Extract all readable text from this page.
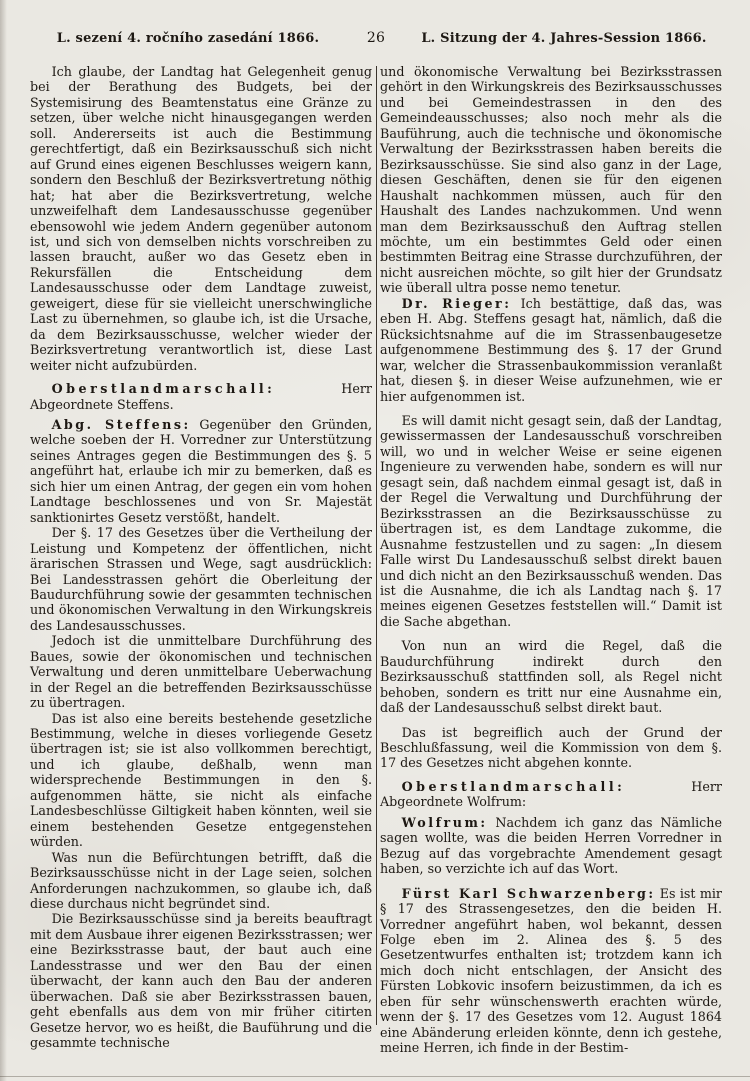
L. sezení 4. ročního zasedání 1866.	26	L. Sitzung der 4. Jahres-Session 1866.

Ich glaube, der Landtag hat Gelegenheit genug bei der Berathung des Budgets, bei der Systemisirung des Beamtenstatus eine Gränze zu setzen, über welche nicht hinausgegangen werden soll. Andererseits ist auch die Bestimmung gerechtfertigt, daß ein Bezirksausschuß sich nicht auf Grund eines eigenen Beschlusses weigern kann, sondern den Beschluß der Bezirksvertretung nöthig hat; hat aber die Bezirksvertretung, welche unzweifelhaft dem Landesausschusse gegenüber ebensowohl wie jedem Andern gegenüber autonom ist, und sich von demselben nichts vorschreiben zu lassen braucht, außer wo das Gesetz eben in Rekursfällen die Entscheidung dem Landesausschusse oder dem Landtage zuweist, geweigert, diese für sie vielleicht unerschwingliche Last zu übernehmen, so glaube ich, ist die Ursache, da dem Bezirksausschusse, welcher wieder der Bezirksvertretung verantwortlich ist, diese Last weiter nicht aufzubürden.

Oberstlandmarschall:	Herr Abgeordnete Steffens.

Abg. Steffens: Gegenüber den Gründen, welche soeben der H. Vorredner zur Unterstützung seines Antrages gegen die Bestimmungen des §. 5 angeführt hat, erlaube ich mir zu bemerken, daß es sich hier um einen Antrag, der gegen ein vom hohen Landtage beschlossenes und von Sr. Majestät sanktionirtes Gesetz verstößt, handelt.

Der §. 17 des Gesetzes über die Vertheilung der Leistung und Kompetenz der öffentlichen, nicht ärarischen Strassen und Wege, sagt ausdrücklich: Bei Landesstrassen gehört die Oberleitung der Baudurchführung sowie der gesammten technischen und ökonomischen Verwaltung in den Wirkungskreis des Landesausschusses.

Jedoch ist die unmittelbare Durchführung des Baues, sowie der ökonomischen und technischen Verwaltung und deren unmittelbare Ueberwachung in der Regel an die betreffenden Bezirksausschüsse zu übertragen.

Das ist also eine bereits bestehende gesetzliche Bestimmung, welche in dieses vorliegende Gesetz übertragen ist; sie ist also vollkommen berechtigt, und ich glaube, deßhalb, wenn man widersprechende Bestimmungen in den §. aufgenommen hätte, sie nicht als einfache Landesbeschlüsse Giltigkeit haben könnten, weil sie einem bestehenden Gesetze entgegenstehen würden.

Was nun die Befürchtungen betrifft, daß die Bezirksausschüsse nicht in der Lage seien, solchen Anforderungen nachzukommen, so glaube ich, daß diese durchaus nicht begründet sind.

Die Bezirksausschüsse sind ja bereits beauftragt mit dem Ausbaue ihrer eigenen Bezirksstrassen; wer eine Bezirksstrasse baut, der baut auch eine Landesstrasse und wer den Bau der einen überwacht, der kann auch den Bau der anderen überwachen. Daß sie aber Bezirksstrassen bauen, geht ebenfalls aus dem von mir früher citirten Gesetze hervor, wo es heißt, die Bauführung und die gesammte technische

und ökonomische Verwaltung bei Bezirksstrassen gehört in den Wirkungskreis des Bezirksausschusses und bei Gemeindestrassen in den des Gemeindeausschusses; also noch mehr als die Bauführung, auch die technische und ökonomische Verwaltung der Bezirksstrassen haben bereits die Bezirksausschüsse. Sie sind also ganz in der Lage, diesen Geschäften, denen sie für den eigenen Haushalt nachkommen müssen, auch für den Haushalt des Landes nachzukommen. Und wenn man dem Bezirksausschuß den Auftrag stellen möchte, um ein bestimmtes Geld oder einen bestimmten Beitrag eine Strasse durchzuführen, der nicht ausreichen möchte, so gilt hier der Grundsatz wie überall ultra posse nemo tenetur.

Dr. Rieger: Ich bestättige, daß das, was eben H. Abg. Steffens gesagt hat, nämlich, daß die Rücksichtsnahme auf die im Strassenbaugesetze aufgenommene Bestimmung des §. 17 der Grund war, welcher die Strassenbaukommission veranlaßt hat, diesen §. in dieser Weise aufzunehmen, wie er hier aufgenommen ist.

Es will damit nicht gesagt sein, daß der Landtag, gewissermassen der Landesausschuß vorschreiben will, wo und in welcher Weise er seine eigenen Ingenieure zu verwenden habe, sondern es will nur gesagt sein, daß nachdem einmal gesagt ist, daß in der Regel die Verwaltung und Durchführung der Bezirksstrassen an die Bezirksausschüsse zu übertragen ist, es dem Landtage zukomme, die Ausnahme festzustellen und zu sagen: „In diesem Falle wirst Du Landesausschuß selbst direkt bauen und dich nicht an den Bezirksausschuß wenden. Das ist die Ausnahme, die ich als Landtag nach §. 17 meines eigenen Gesetzes feststellen will.“ Damit ist die Sache abgethan.

Von nun an wird die Regel, daß die Baudurchführung indirekt durch den Bezirksausschuß stattfinden soll, als Regel nicht behoben, sondern es tritt nur eine Ausnahme ein, daß der Landesausschuß selbst direkt baut.

Das ist begreiflich auch der Grund der Beschlußfassung, weil die Kommission von dem §. 17 des Gesetzes nicht abgehen konnte.

Oberstlandmarschall:	Herr Abgeordnete Wolfrum:

Wolfrum: Nachdem ich ganz das Nämliche sagen wollte, was die beiden Herren Vorredner in Bezug auf das vorgebrachte Amendement gesagt haben, so verzichte ich auf das Wort.

Fürst Karl Schwarzenberg: Es ist mir § 17 des Strassengesetzes, den die beiden H. Vorredner angeführt haben, wol bekannt, dessen Folge eben im 2. Alinea des §. 5 des Gesetzentwurfes enthalten ist; trotzdem kann ich mich doch nicht entschlagen, der Ansicht des Fürsten Lobkovic insofern beizustimmen, da ich es eben für sehr wünschenswerth erachten würde, wenn der §. 17 des Gesetzes vom 12. August 1864 eine Abänderung erleiden könnte, denn ich gestehe, meine Herren, ich finde in der Bestim-
